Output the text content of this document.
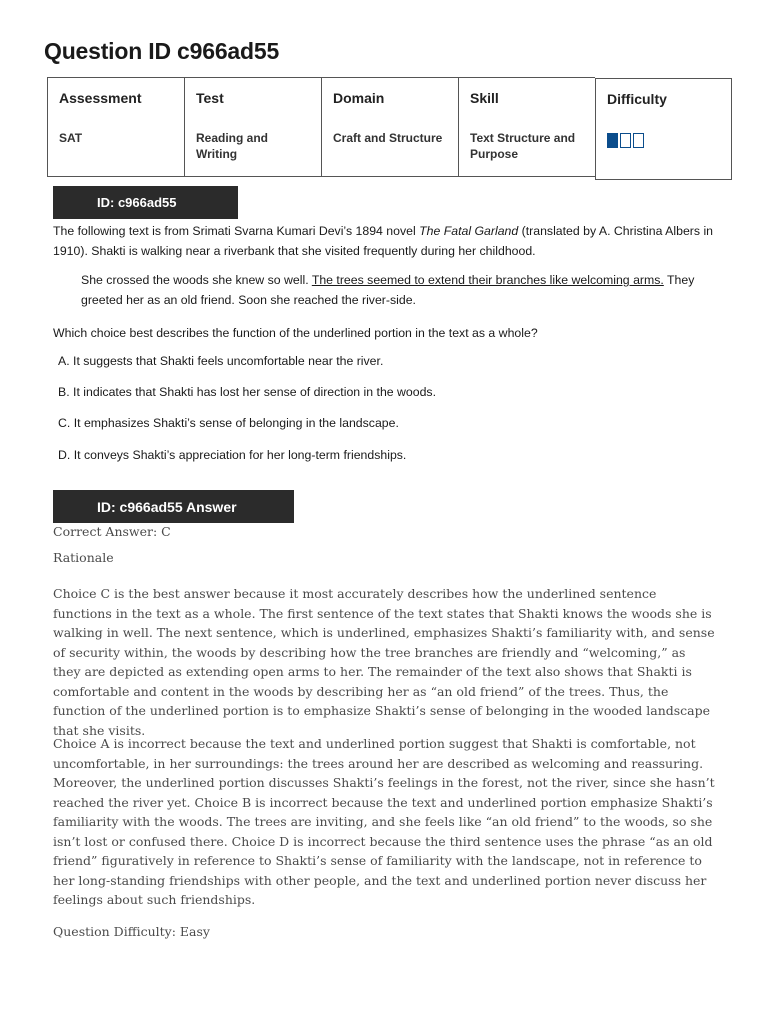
Question ID c966ad55
Assessment
SAT
Test
Reading and Writing
Domain
Craft and Structure
Skill
Text Structure and Purpose
Difficulty
ID: c966ad55
The following text is from Srimati Svarna Kumari Devi’s 1894 novel The Fatal Garland (translated by A. Christina Albers in 1910). Shakti is walking near a riverbank that she visited frequently during her childhood.
She crossed the woods she knew so well. The trees seemed to extend their branches like welcoming arms. They greeted her as an old friend. Soon she reached the river-side.
Which choice best describes the function of the underlined portion in the text as a whole?
A. It suggests that Shakti feels uncomfortable near the river.
B. It indicates that Shakti has lost her sense of direction in the woods.
C. It emphasizes Shakti’s sense of belonging in the landscape.
D. It conveys Shakti’s appreciation for her long-term friendships.
ID: c966ad55 Answer
Correct Answer: C
Rationale
Choice C is the best answer because it most accurately describes how the underlined sentence functions in the text as a whole. The first sentence of the text states that Shakti knows the woods she is walking in well. The next sentence, which is underlined, emphasizes Shakti’s familiarity with, and sense of security within, the woods by describing how the tree branches are friendly and “welcoming,” as they are depicted as extending open arms to her. The remainder of the text also shows that Shakti is comfortable and content in the woods by describing her as “an old friend” of the trees. Thus, the function of the underlined portion is to emphasize Shakti’s sense of belonging in the wooded landscape that she visits.
Choice A is incorrect because the text and underlined portion suggest that Shakti is comfortable, not uncomfortable, in her surroundings: the trees around her are described as welcoming and reassuring. Moreover, the underlined portion discusses Shakti’s feelings in the forest, not the river, since she hasn’t reached the river yet. Choice B is incorrect because the text and underlined portion emphasize Shakti’s familiarity with the woods. The trees are inviting, and she feels like “an old friend” to the woods, so she isn’t lost or confused there. Choice D is incorrect because the third sentence uses the phrase “as an old friend” figuratively in reference to Shakti’s sense of familiarity with the landscape, not in reference to her long-standing friendships with other people, and the text and underlined portion never discuss her feelings about such friendships.
Question Difficulty: Easy
